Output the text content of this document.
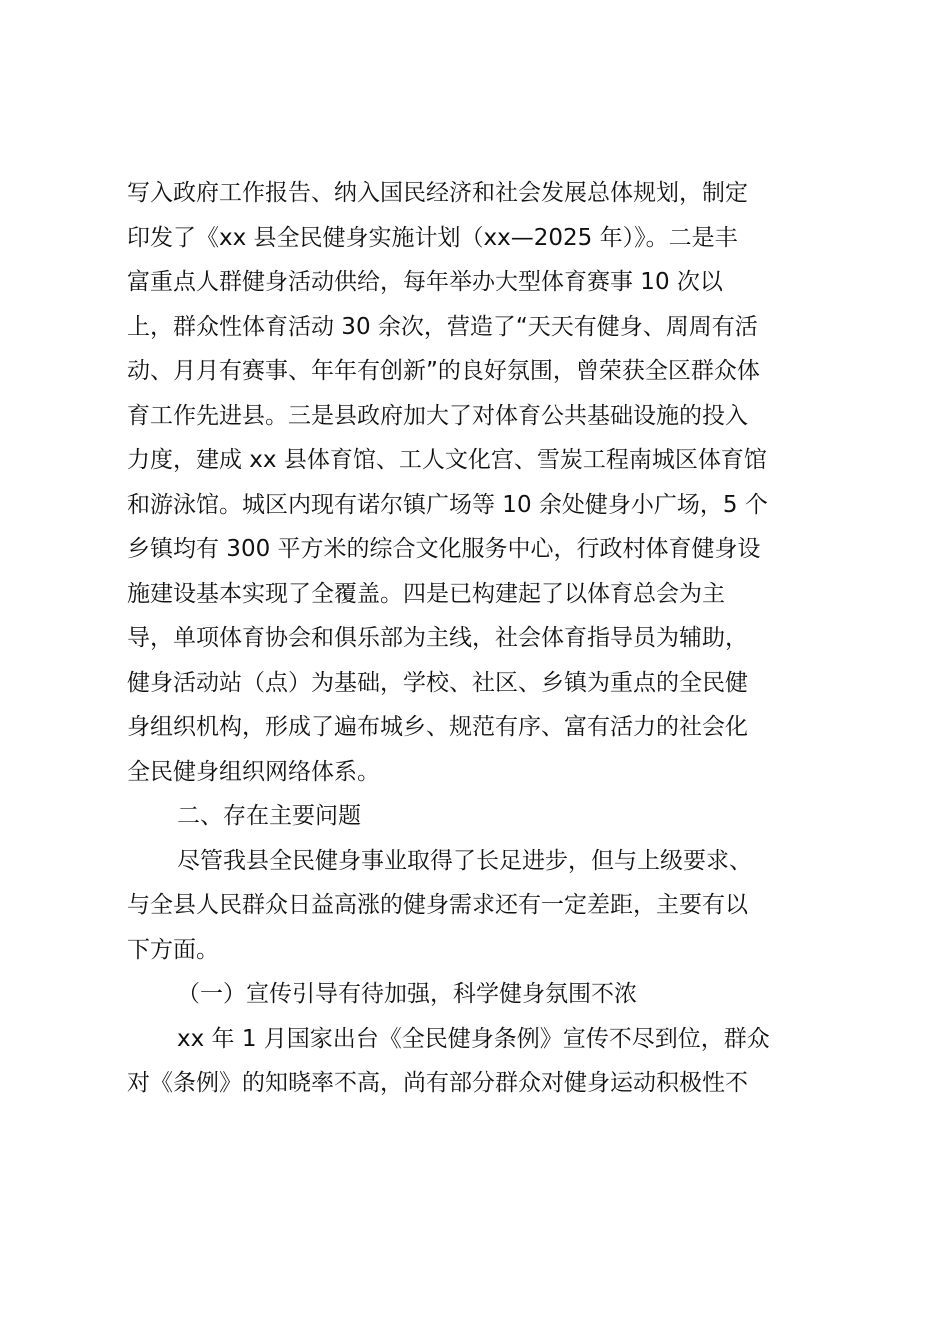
写入政府工作报告、纳入国民经济和社会发展总体规划，制定
印发了《xx 县全民健身实施计划（xx—2025 年）》。二是丰
富重点人群健身活动供给，每年举办大型体育赛事 10 次以
上，群众性体育活动 30 余次，营造了“天天有健身、周周有活
动、月月有赛事、年年有创新”的良好氛围，曾荣获全区群众体
育工作先进县。三是县政府加大了对体育公共基础设施的投入
力度，建成 xx 县体育馆、工人文化宫、雪炭工程南城区体育馆
和游泳馆。城区内现有诺尔镇广场等 10 余处健身小广场，5 个
乡镇均有 300 平方米的综合文化服务中心，行政村体育健身设
施建设基本实现了全覆盖。四是已构建起了以体育总会为主
导，单项体育协会和俱乐部为主线，社会体育指导员为辅助，
健身活动站（点）为基础，学校、社区、乡镇为重点的全民健
身组织机构，形成了遍布城乡、规范有序、富有活力的社会化
全民健身组织网络体系。
二、存在主要问题
尽管我县全民健身事业取得了长足进步，但与上级要求、
与全县人民群众日益高涨的健身需求还有一定差距，主要有以
下方面。
（一）宣传引导有待加强，科学健身氛围不浓
xx 年 1 月国家出台《全民健身条例》宣传不尽到位，群众
对《条例》的知晓率不高，尚有部分群众对健身运动积极性不
